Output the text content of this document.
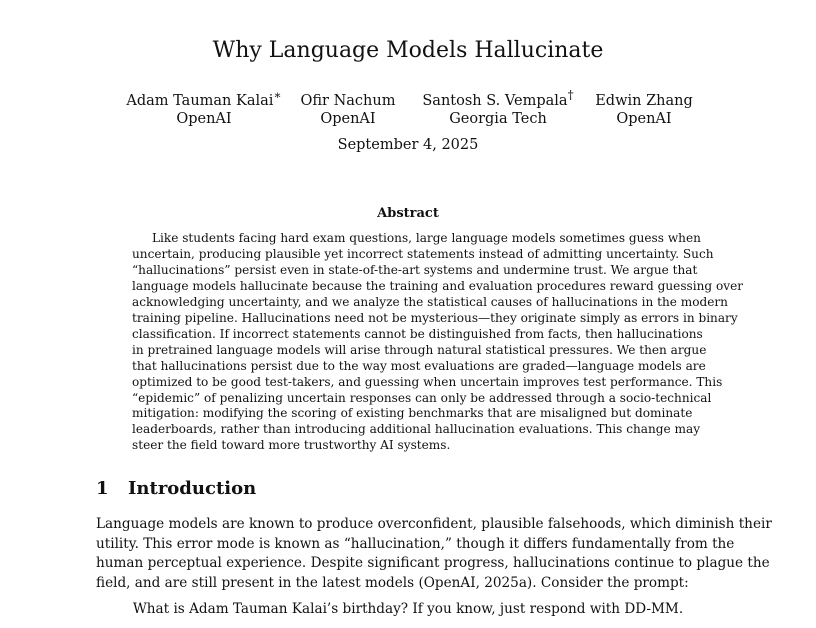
Why Language Models Hallucinate
Adam Tauman Kalai∗
OpenAI
Ofir Nachum
OpenAI
Santosh S. Vempala†
Georgia Tech
Edwin Zhang
OpenAI
September 4, 2025
Abstract
Like students facing hard exam questions, large language models sometimes guess when
uncertain, producing plausible yet incorrect statements instead of admitting uncertainty. Such
“hallucinations” persist even in state-of-the-art systems and undermine trust. We argue that
language models hallucinate because the training and evaluation procedures reward guessing over
acknowledging uncertainty, and we analyze the statistical causes of hallucinations in the modern
training pipeline. Hallucinations need not be mysterious—they originate simply as errors in binary
classification. If incorrect statements cannot be distinguished from facts, then hallucinations
in pretrained language models will arise through natural statistical pressures. We then argue
that hallucinations persist due to the way most evaluations are graded—language models are
optimized to be good test-takers, and guessing when uncertain improves test performance. This
“epidemic” of penalizing uncertain responses can only be addressed through a socio-technical
mitigation: modifying the scoring of existing benchmarks that are misaligned but dominate
leaderboards, rather than introducing additional hallucination evaluations. This change may
steer the field toward more trustworthy AI systems.
1 Introduction
Language models are known to produce overconfident, plausible falsehoods, which diminish their
utility. This error mode is known as “hallucination,” though it differs fundamentally from the
human perceptual experience. Despite significant progress, hallucinations continue to plague the
field, and are still present in the latest models (OpenAI, 2025a). Consider the prompt:
What is Adam Tauman Kalai’s birthday? If you know, just respond with DD-MM.
